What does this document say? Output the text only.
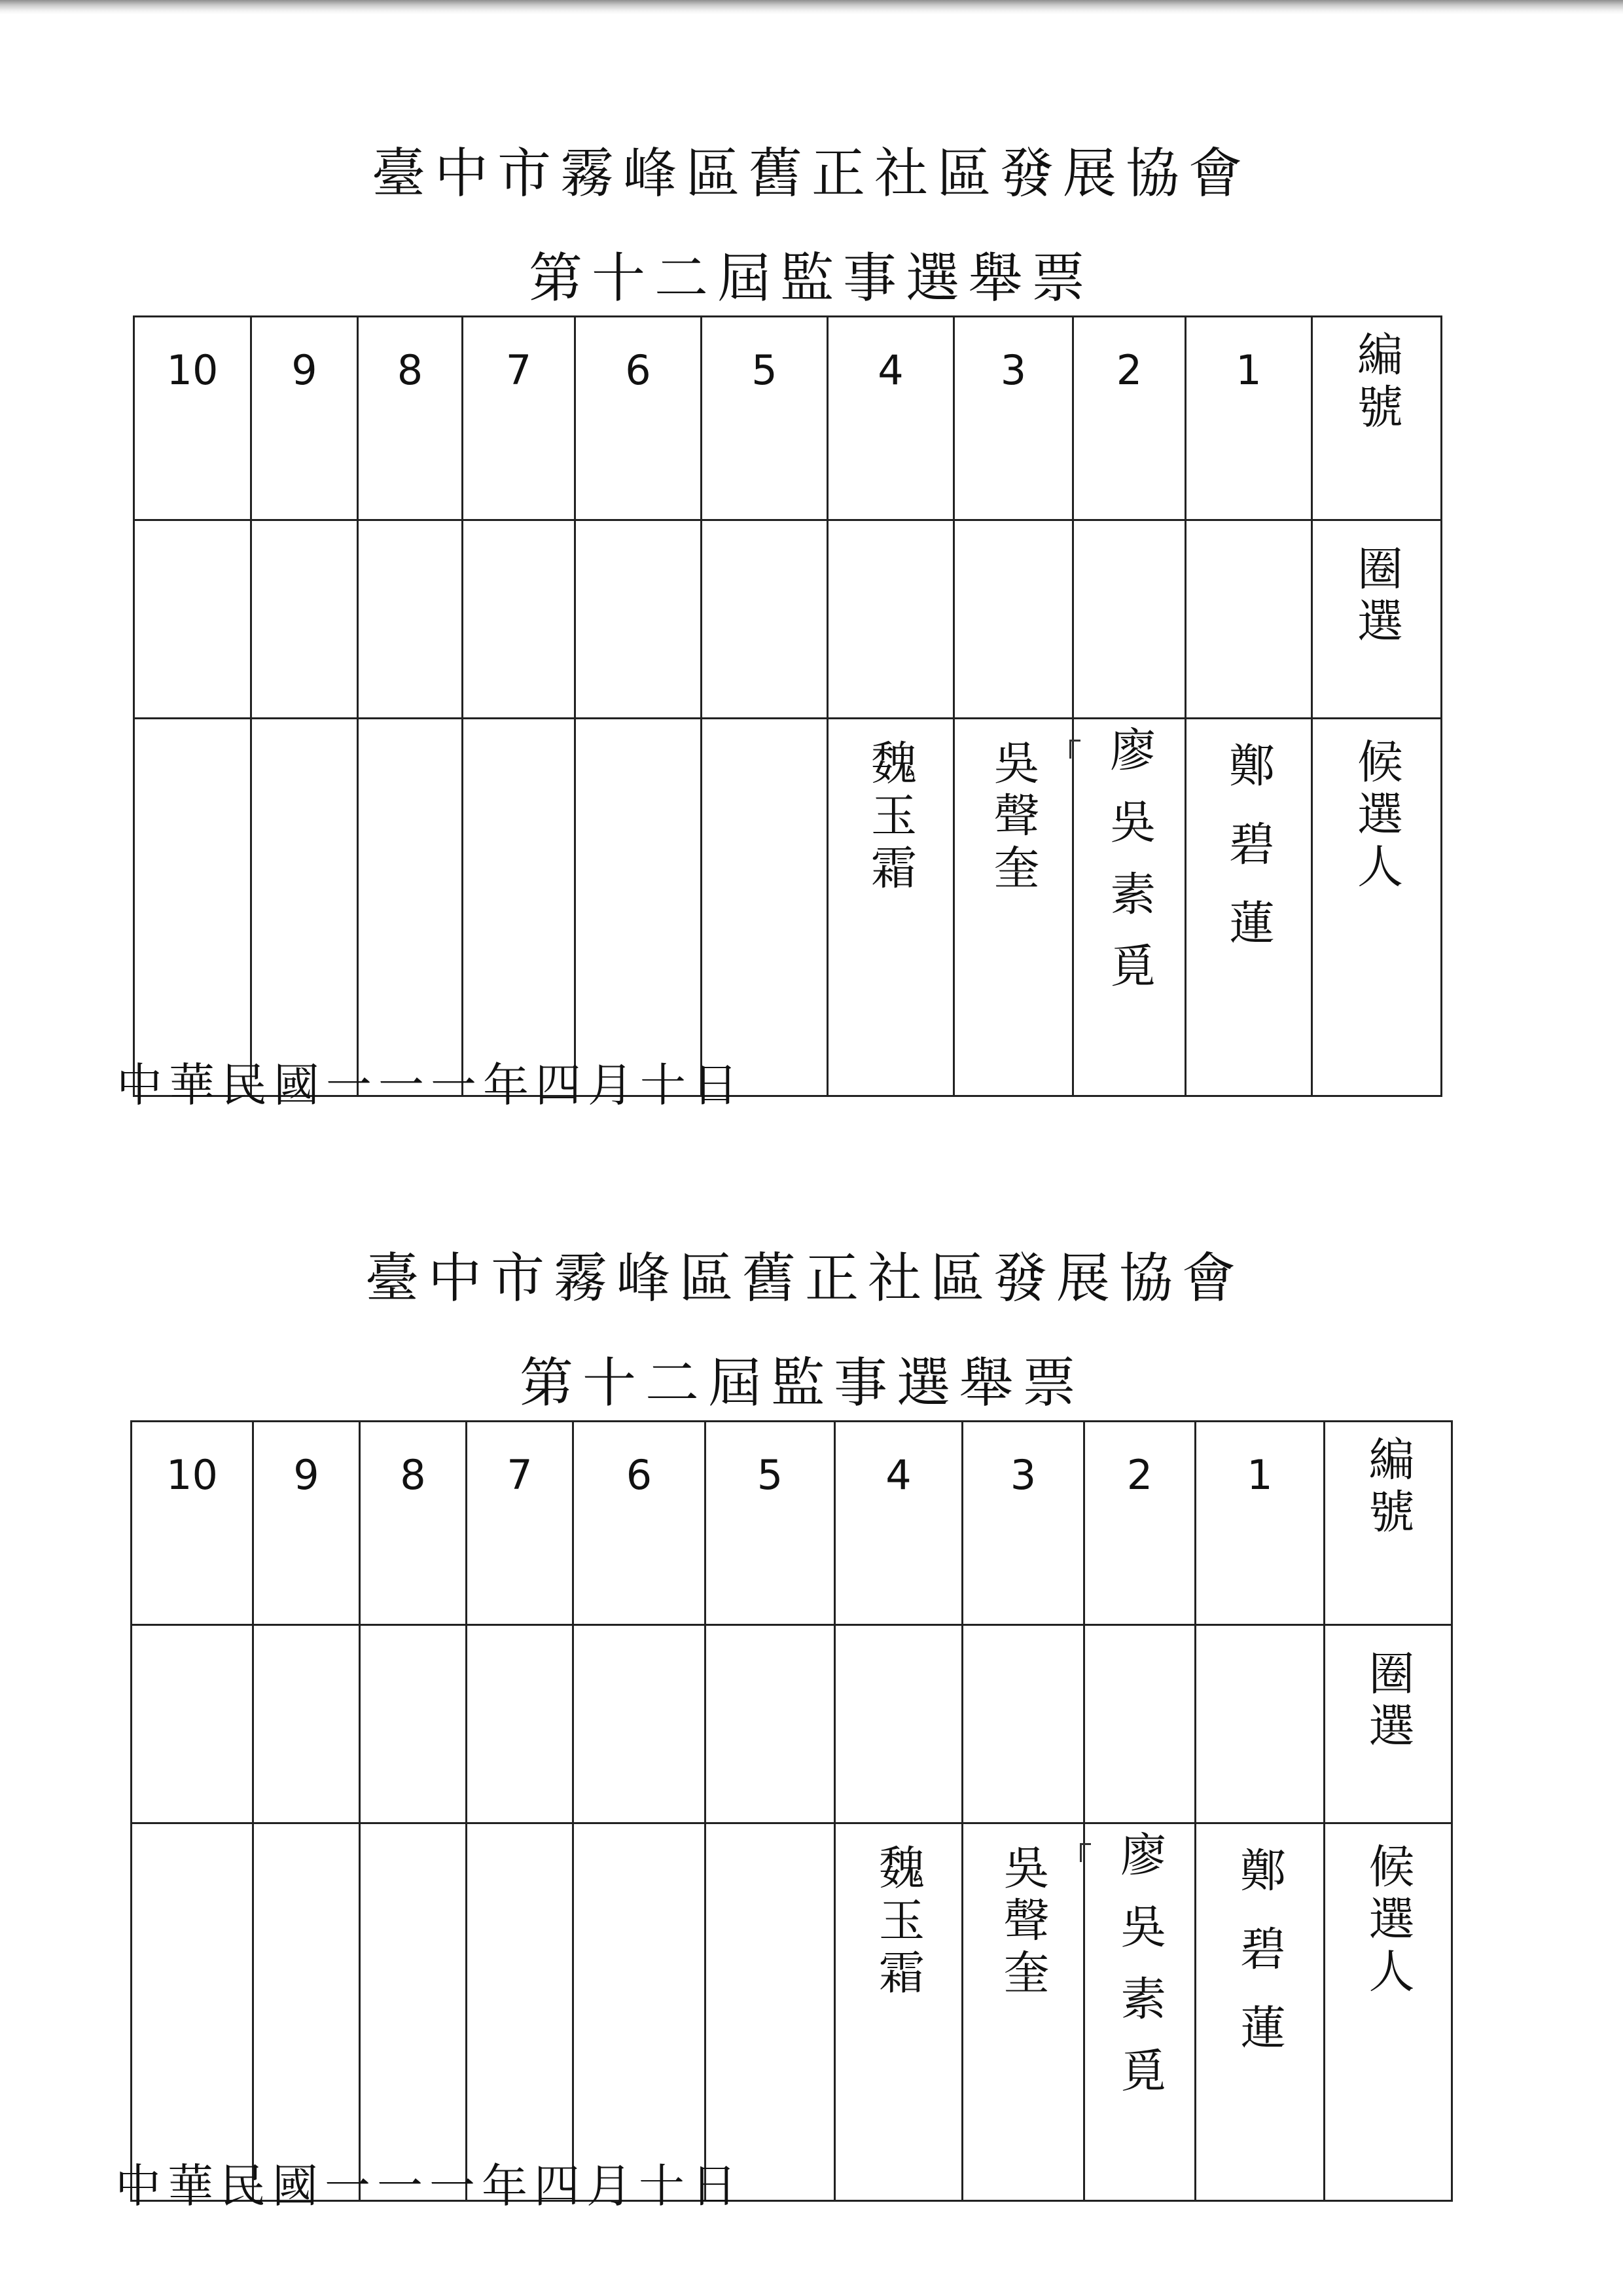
臺中市霧峰區舊正社區發展協會
第十二屆監事選舉票
10	9	8	7	6	5	4	3	2	1	編號
										圈選
						魏玉霜	吳聲奎	廖吳素覓	鄭碧蓮	候選人
中華民國一一一年四月十日
臺中市霧峰區舊正社區發展協會
第十二屆監事選舉票
10	9	8	7	6	5	4	3	2	1	編號
										圈選
						魏玉霜	吳聲奎	廖吳素覓	鄭碧蓮	候選人
中華民國一一一年四月十日
